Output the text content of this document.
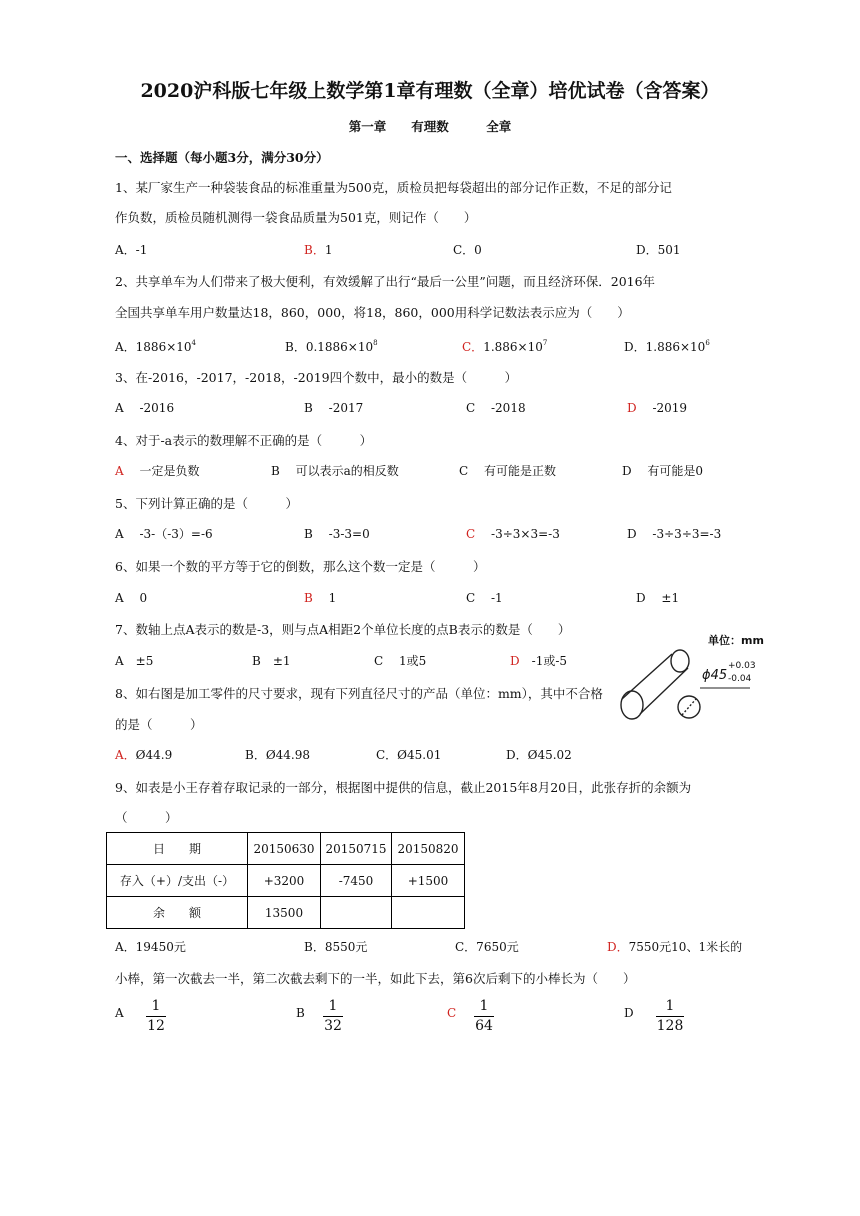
2020沪科版七年级上数学第1章有理数（全章）培优试卷（含答案）
第一章　　有理数　　　全章
一、选择题（每小题3分，满分30分）
1、某厂家生产一种袋装食品的标准重量为500克，质检员把每袋超出的部分记作正数，不足的部分记
作负数，质检员随机测得一袋食品质量为501克，则记作（　　）
A．-1	B．1	C．0	D．501
2、共享单车为人们带来了极大便利，有效缓解了出行“最后一公里”问题，而且经济环保．2016年
全国共享单车用户数量达18，860，000，将18，860，000用科学记数法表示应为（　　）
A．$1886\times 10^4$	B．$0.1886\times 10^8$	C．$1.886\times 10^7$	D．$1.886\times 10^6$
3、在-2016，-2017，-2018，-2019四个数中，最小的数是（　　　）
A　 -2016	B　 -2017	C　 -2018	D　 -2019
4、对于-a表示的数理解不正确的是（　　　）
A　 一定是负数	B　 可以表示a的相反数	C　 有可能是正数	D　 有可能是0
5、下列计算正确的是（　　　）
A　 -3-（-3）=-6	B　 -3-3=0	C　 -3÷3×3=-3	D　 -3÷3÷3=-3
6、如果一个数的平方等于它的倒数，那么这个数一定是（　　　）
A　 0	B　 1	C　 -1	D　 ±1
7、数轴上点A表示的数是-3，则与点A相距2个单位长度的点B表示的数是（　　）
A　±5	B　±1	C　 1或5	D　 -1或-5
单位：mm
ϕ45
+0.03
-0.04
8、如右图是加工零件的尺寸要求，现有下列直径尺寸的产品（单位：mm），其中不合格
的是（　　　）
A．Ø44.9	B．Ø44.98	C．Ø45.01	D．Ø45.02
9、如表是小王存着存取记录的一部分，根据图中提供的信息，截止2015年8月20日，此张存折的余额为
（　　　）
日　　期	20150630	20150715	20150820
存入（+）/支出（-）	+3200	-7450	+1500
余　　额	13500		
A．19450元	B．8550元	C．7650元	D．7550元10、1米长的
小棒，第一次截去一半，第二次截去剩下的一半，如此下去，第6次后剩下的小棒长为（　　）
A	1
12
B	1
32
C	1
64
D	1
128
